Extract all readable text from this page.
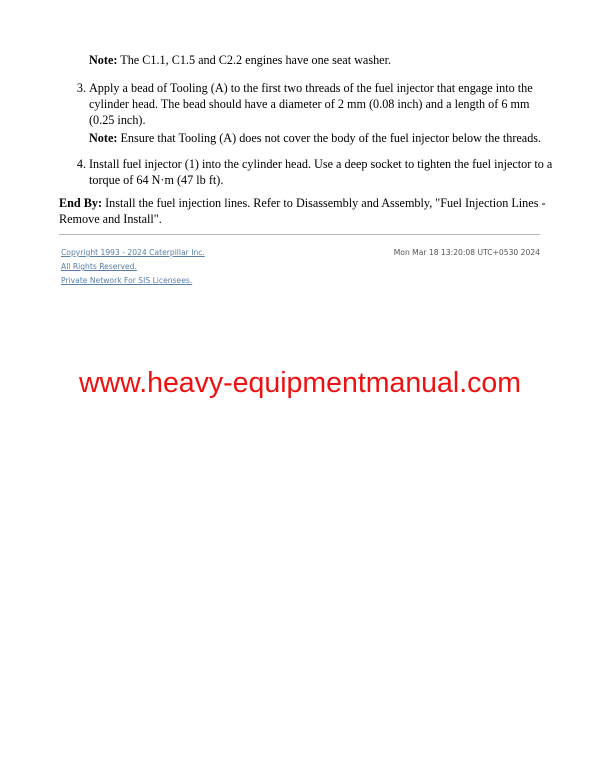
Note: The C1.1, C1.5 and C2.2 engines have one seat washer.
3. Apply a bead of Tooling (A) to the first two threads of the fuel injector that engage into the cylinder head. The bead should have a diameter of 2 mm (0.08 inch) and a length of 6 mm (0.25 inch).
Note: Ensure that Tooling (A) does not cover the body of the fuel injector below the threads.
4. Install fuel injector (1) into the cylinder head. Use a deep socket to tighten the fuel injector to a torque of 64 N·m (47 lb ft).
End By: Install the fuel injection lines. Refer to Disassembly and Assembly, "Fuel Injection Lines - Remove and Install".
Copyright 1993 - 2024 Caterpillar Inc.
All Rights Reserved.
Private Network For SIS Licensees.
Mon Mar 18 13:20:08 UTC+0530 2024
www.heavy-equipmentmanual.com
